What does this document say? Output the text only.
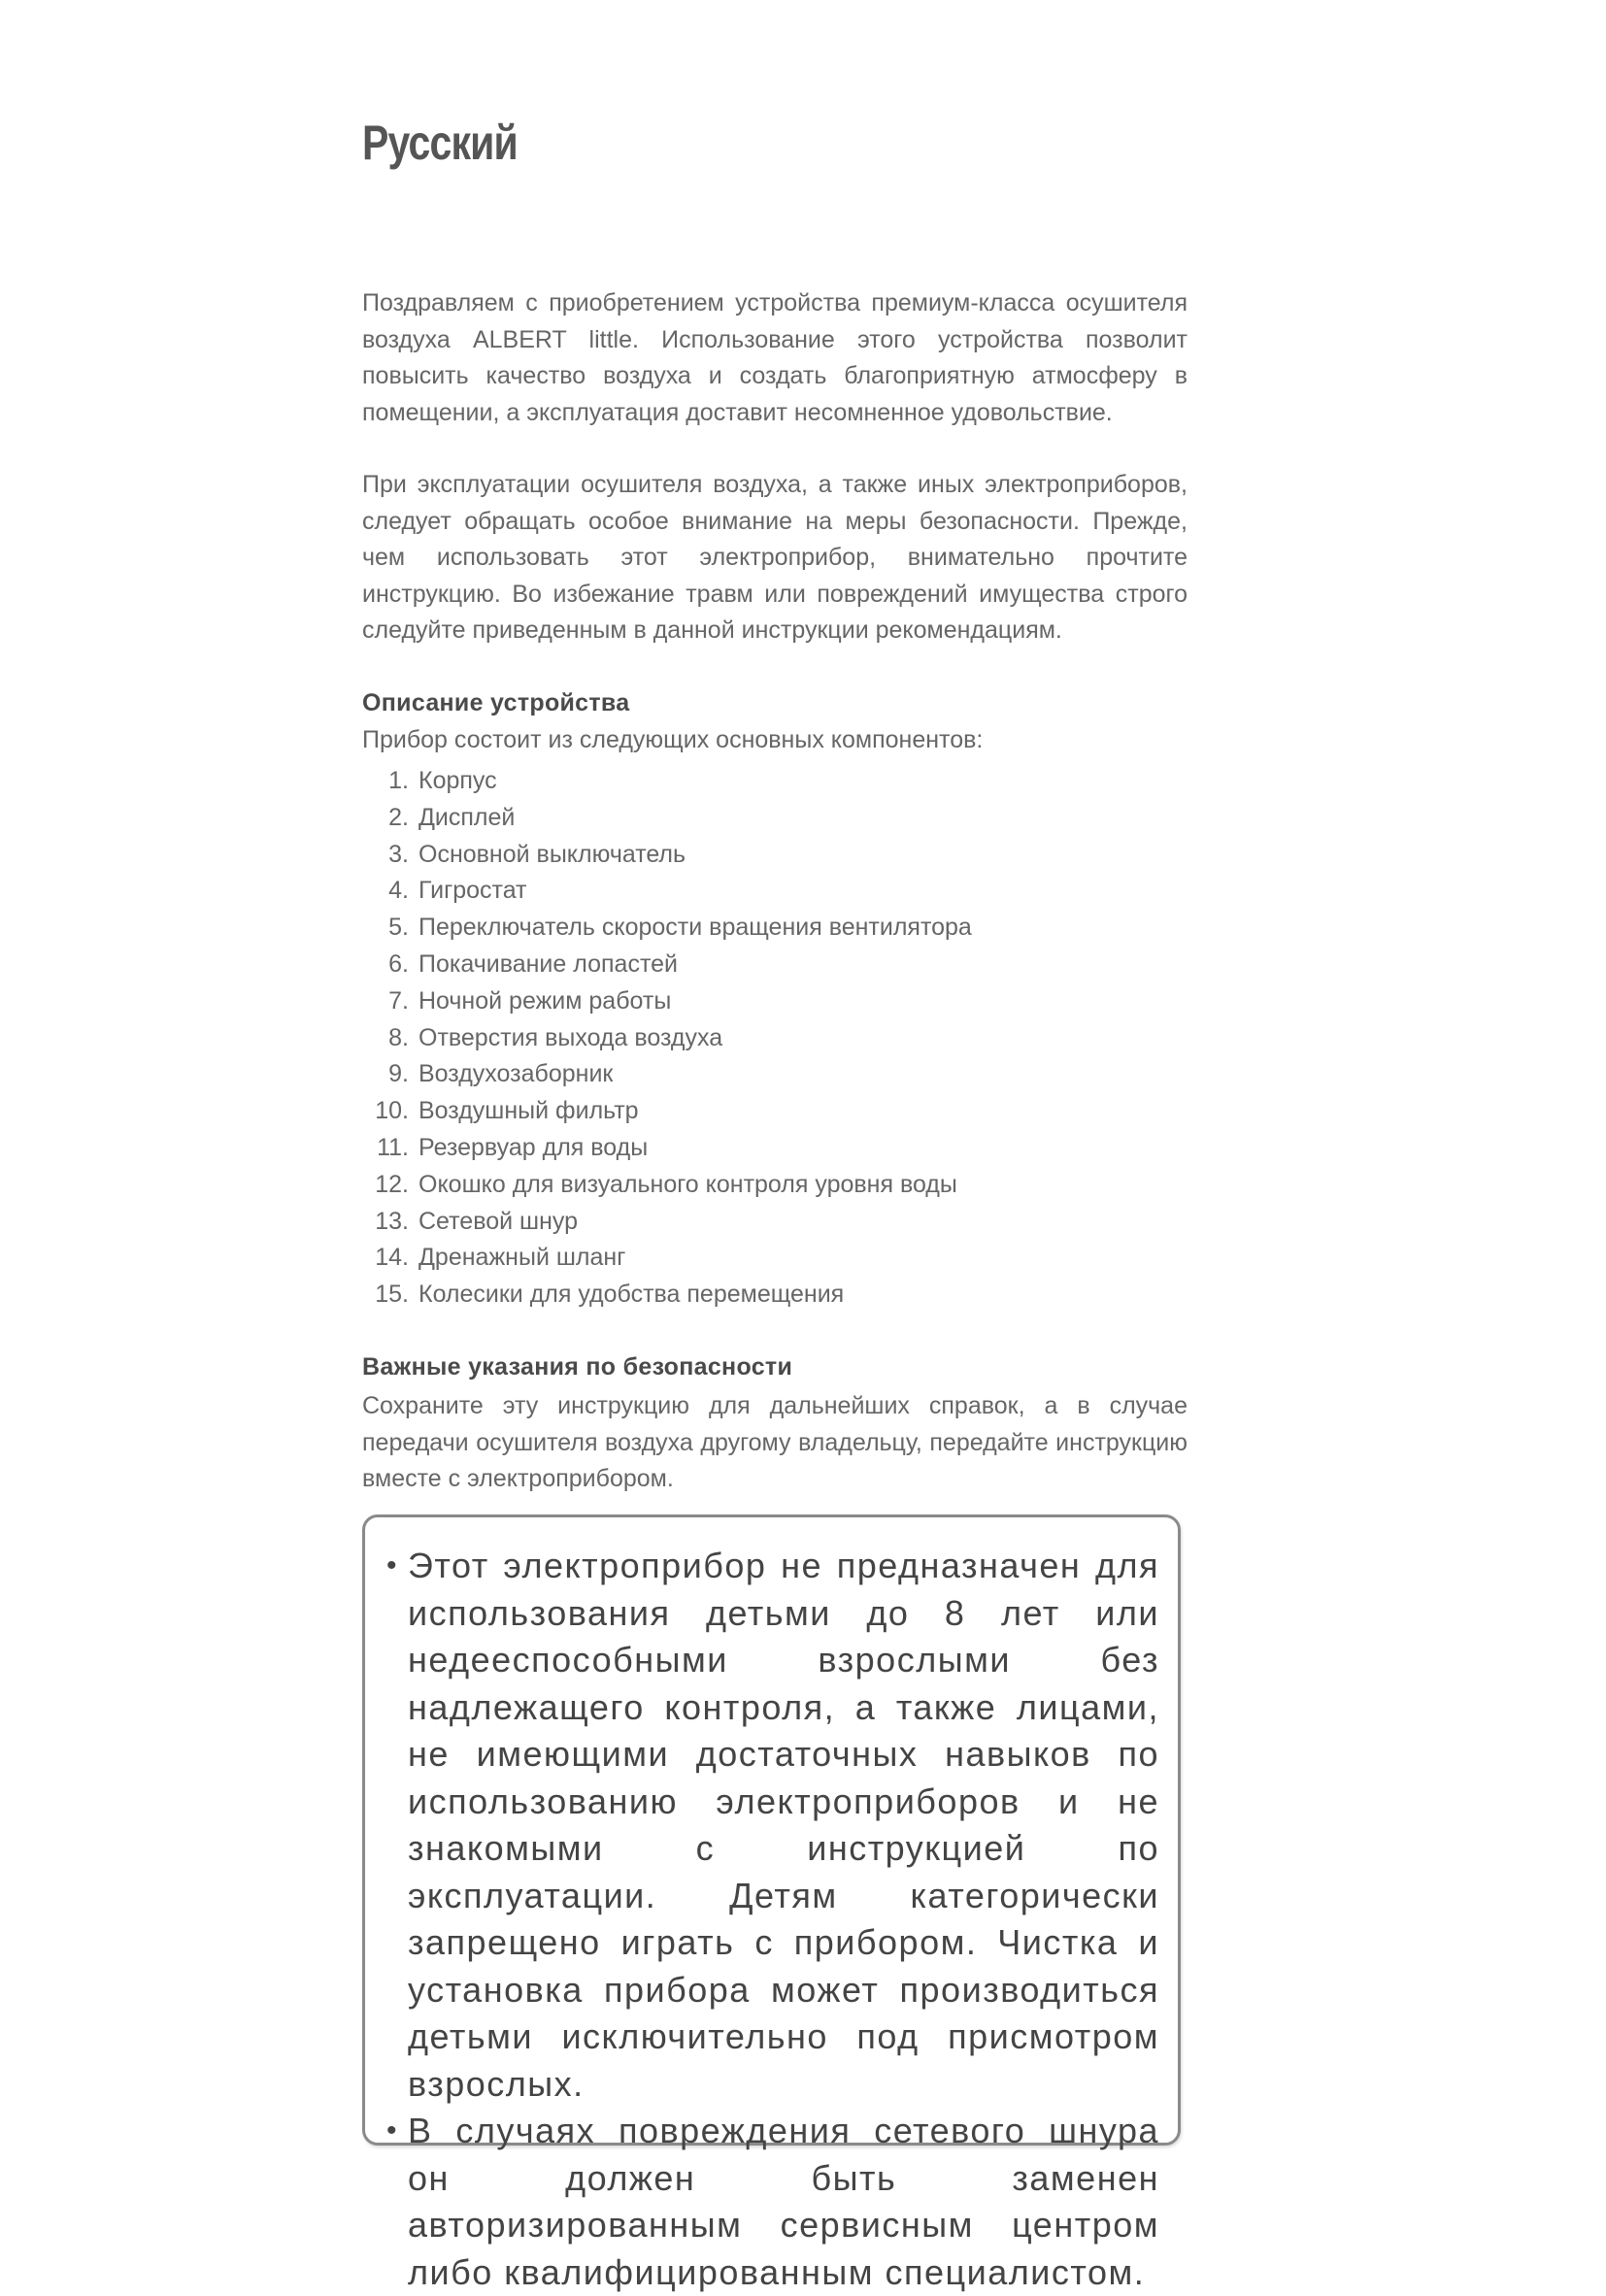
Русский

Поздравляем с приобретением устройства премиум-класса осушителя воздуха ALBERT little. Использование этого устройства позволит повысить качество воздуха и создать благоприятную атмосферу в помещении, а эксплуатация доставит несомненное удовольствие.

При эксплуатации осушителя воздуха, а также иных электроприборов, следует обращать особое внимание на меры безопасности. Прежде, чем использовать этот электроприбор, внимательно прочтите инструкцию. Во избежание травм или повреждений имущества строго следуйте приведенным в данной инструкции рекомендациям.

Описание устройства
Прибор состоит из следующих основных компонентов:
1. Корпус
2. Дисплей
3. Основной выключатель
4. Гигростат
5. Переключатель скорости вращения вентилятора
6. Покачивание лопастей
7. Ночной режим работы
8. Отверстия выхода воздуха
9. Воздухозаборник
10. Воздушный фильтр
11. Резервуар для воды
12. Окошко для визуального контроля уровня воды
13. Сетевой шнур
14. Дренажный шланг
15. Колесики для удобства перемещения
Важные указания по безопасности

Сохраните эту инструкцию для дальнейших справок, а в случае передачи осушителя воздуха другому владельцу, передайте инструкцию вместе с электроприбором.

• Этот электроприбор не предназначен для использования детьми до 8 лет или недееспособными взрослыми без надлежащего контроля, а также лицами, не имеющими достаточных навыков по использованию электроприборов и не знакомыми с инструкцией по эксплуатации. Детям категорически запрещено играть с прибором. Чистка и установка прибора может производиться детьми исключительно под присмотром взрослых.
• В случаях повреждения сетевого шнура он должен быть заменен авторизированным сервисным центром либо квалифицированным специалистом.
